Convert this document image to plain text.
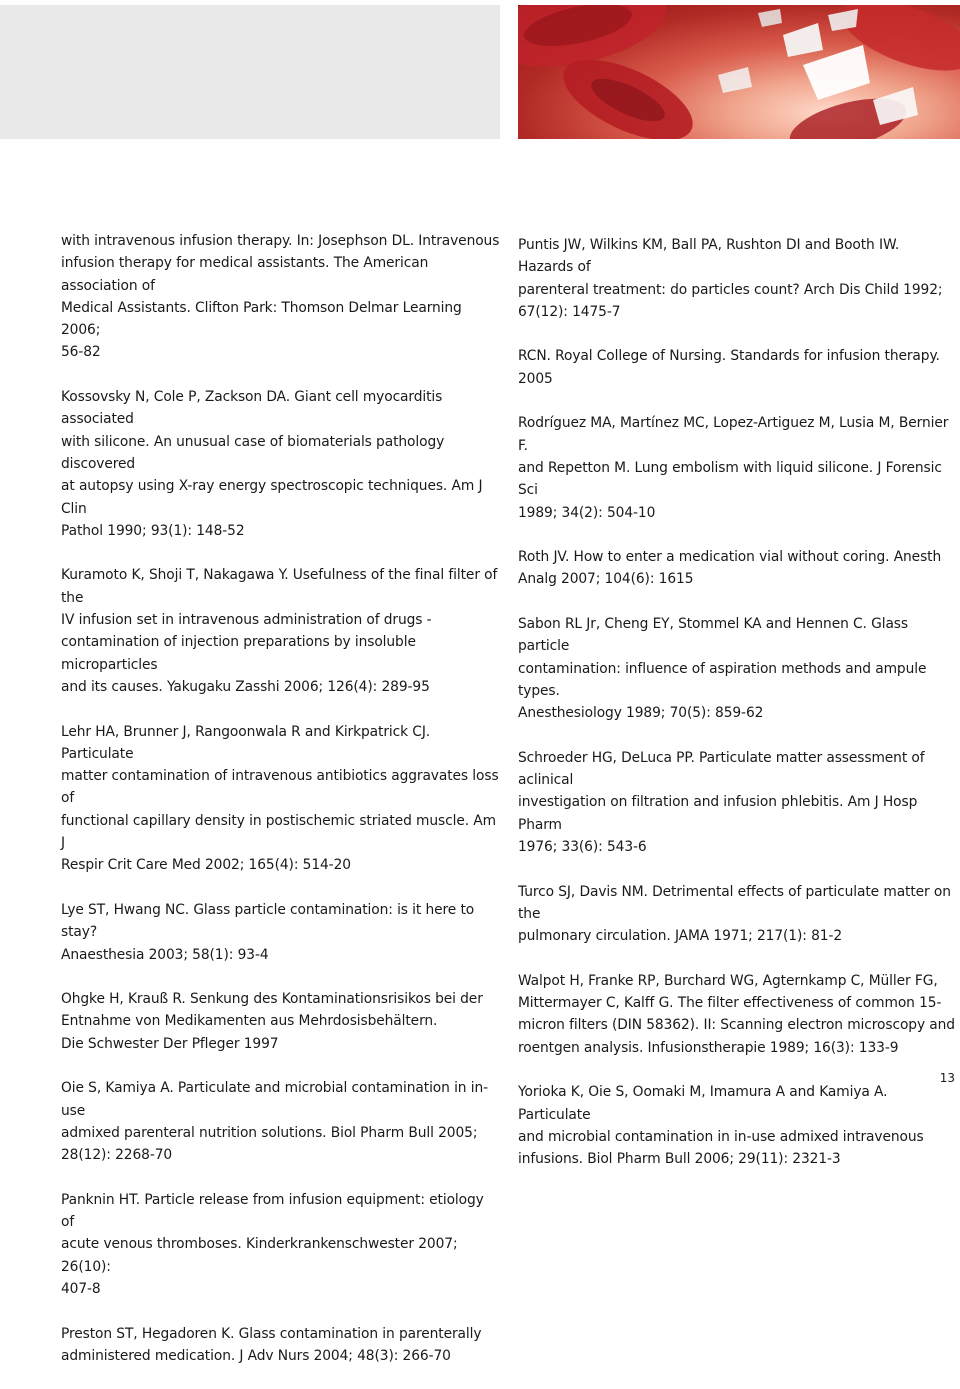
with intravenous infusion therapy. In: Josephson DL. Intravenous
infusion therapy for medical assistants. The American association of
Medical Assistants. Clifton Park: Thomson Delmar Learning 2006;
56-82

Kossovsky N, Cole P, Zackson DA. Giant cell myocarditis associated
with silicone. An unusual case of biomaterials pathology discovered
at autopsy using X-ray energy spectroscopic techniques. Am J Clin
Pathol 1990; 93(1): 148-52

Kuramoto K, Shoji T, Nakagawa Y. Usefulness of the final filter of the
IV infusion set in intravenous administration of drugs -
contamination of injection preparations by insoluble microparticles
and its causes. Yakugaku Zasshi 2006; 126(4): 289-95

Lehr HA, Brunner J, Rangoonwala R and Kirkpatrick CJ. Particulate
matter contamination of intravenous antibiotics aggravates loss of
functional capillary density in postischemic striated muscle. Am J
Respir Crit Care Med 2002; 165(4): 514-20

Lye ST, Hwang NC. Glass particle contamination: is it here to stay?
Anaesthesia 2003; 58(1): 93-4

Ohgke H, Krauß R. Senkung des Kontaminationsrisikos bei der
Entnahme von Medikamenten aus Mehrdosisbehältern.
Die Schwester Der Pfleger 1997

Oie S, Kamiya A. Particulate and microbial contamination in in-use
admixed parenteral nutrition solutions. Biol Pharm Bull 2005;
28(12): 2268-70

Panknin HT. Particle release from infusion equipment: etiology of
acute venous thromboses. Kinderkrankenschwester 2007; 26(10):
407-8

Preston ST, Hegadoren K. Glass contamination in parenterally
administered medication. J Adv Nurs 2004; 48(3): 266-70

Puntis JW, Wilkins KM, Ball PA, Rushton DI and Booth IW. Hazards of
parenteral treatment: do particles count? Arch Dis Child 1992;
67(12): 1475-7

RCN. Royal College of Nursing. Standards for infusion therapy. 2005

Rodríguez MA, Martínez MC, Lopez-Artiguez M, Lusia M, Bernier F.
and Repetton M. Lung embolism with liquid silicone. J Forensic Sci
1989; 34(2): 504-10

Roth JV. How to enter a medication vial without coring. Anesth
Analg 2007; 104(6): 1615

Sabon RL Jr, Cheng EY, Stommel KA and Hennen C. Glass particle
contamination: influence of aspiration methods and ampule types.
Anesthesiology 1989; 70(5): 859-62

Schroeder HG, DeLuca PP. Particulate matter assessment of aclinical
investigation on filtration and infusion phlebitis. Am J Hosp Pharm
1976; 33(6): 543-6

Turco SJ, Davis NM. Detrimental effects of particulate matter on the
pulmonary circulation. JAMA 1971; 217(1): 81-2

Walpot H, Franke RP, Burchard WG, Agternkamp C, Müller FG,
Mittermayer C, Kalff G. The filter effectiveness of common 15-
micron filters (DIN 58362). II: Scanning electron microscopy and
roentgen analysis. Infusionstherapie 1989; 16(3): 133-9

Yorioka K, Oie S, Oomaki M, Imamura A and Kamiya A. Particulate
and microbial contamination in in-use admixed intravenous
infusions. Biol Pharm Bull 2006; 29(11): 2321-3

13
